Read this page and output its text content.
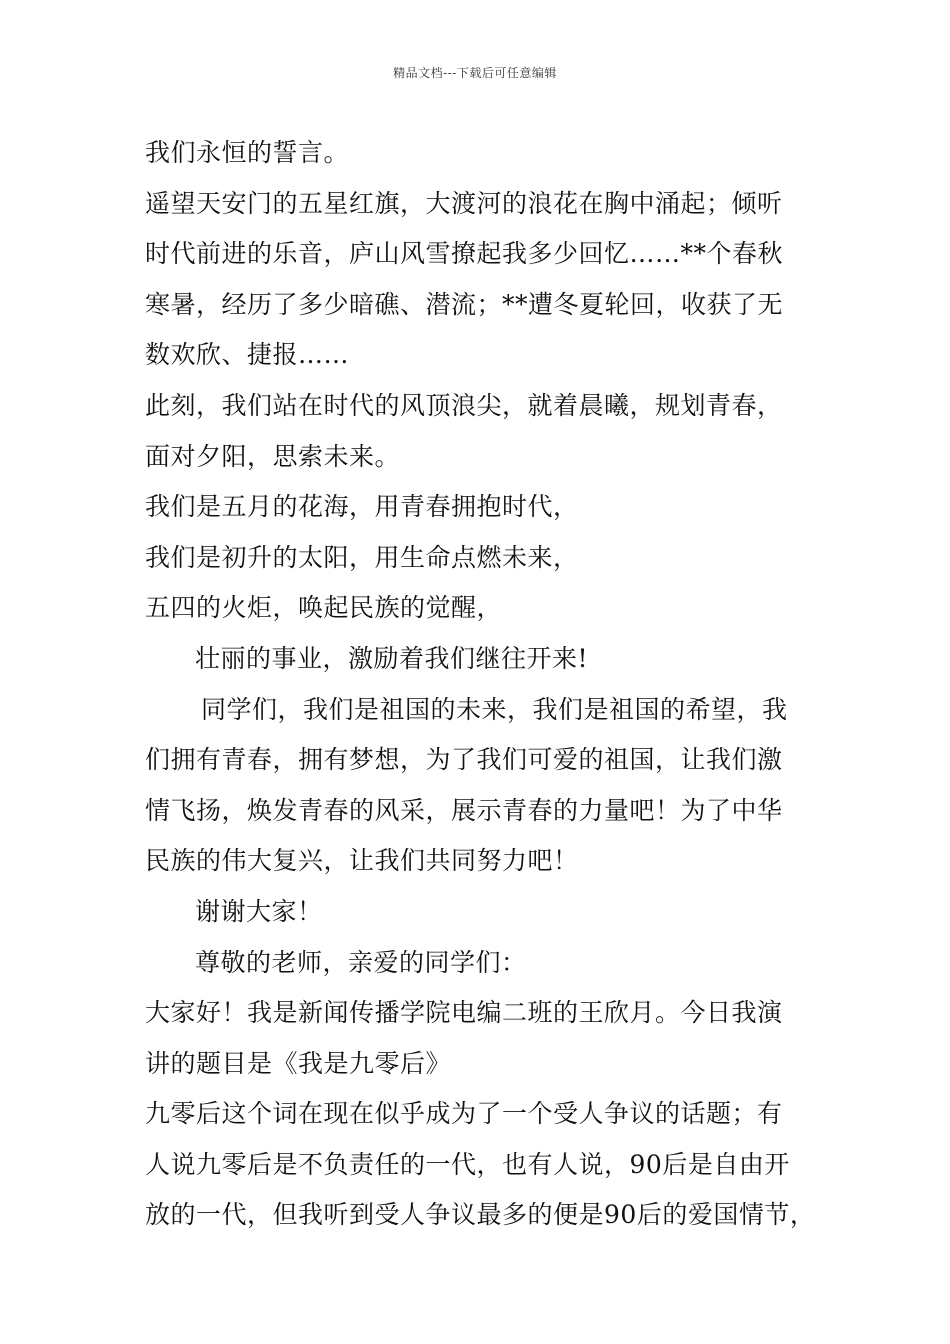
精品文档---下载后可任意编辑
我们永恒的誓言。
遥望天安门的五星红旗，大渡河的浪花在胸中涌起；倾听
时代前进的乐音，庐山风雪撩起我多少回忆……**个春秋
寒暑，经历了多少暗礁、潜流；**遭冬夏轮回，收获了无
数欢欣、捷报……
此刻，我们站在时代的风顶浪尖，就着晨曦，规划青春，
面对夕阳，思索未来。
我们是五月的花海，用青春拥抱时代，
我们是初升的太阳，用生命点燃未来，
五四的火炬，唤起民族的觉醒，
壮丽的事业，激励着我们继往开来!
同学们，我们是祖国的未来，我们是祖国的希望，我
们拥有青春，拥有梦想，为了我们可爱的祖国，让我们激
情飞扬，焕发青春的风采，展示青春的力量吧！为了中华
民族的伟大复兴，让我们共同努力吧！
谢谢大家！
尊敬的老师，亲爱的同学们：
大家好！我是新闻传播学院电编二班的王欣月。今日我演
讲的题目是《我是九零后》
九零后这个词在现在似乎成为了一个受人争议的话题；有
人说九零后是不负责任的一代，也有人说，90后是自由开
放的一代，但我听到受人争议最多的便是90后的爱国情节，
